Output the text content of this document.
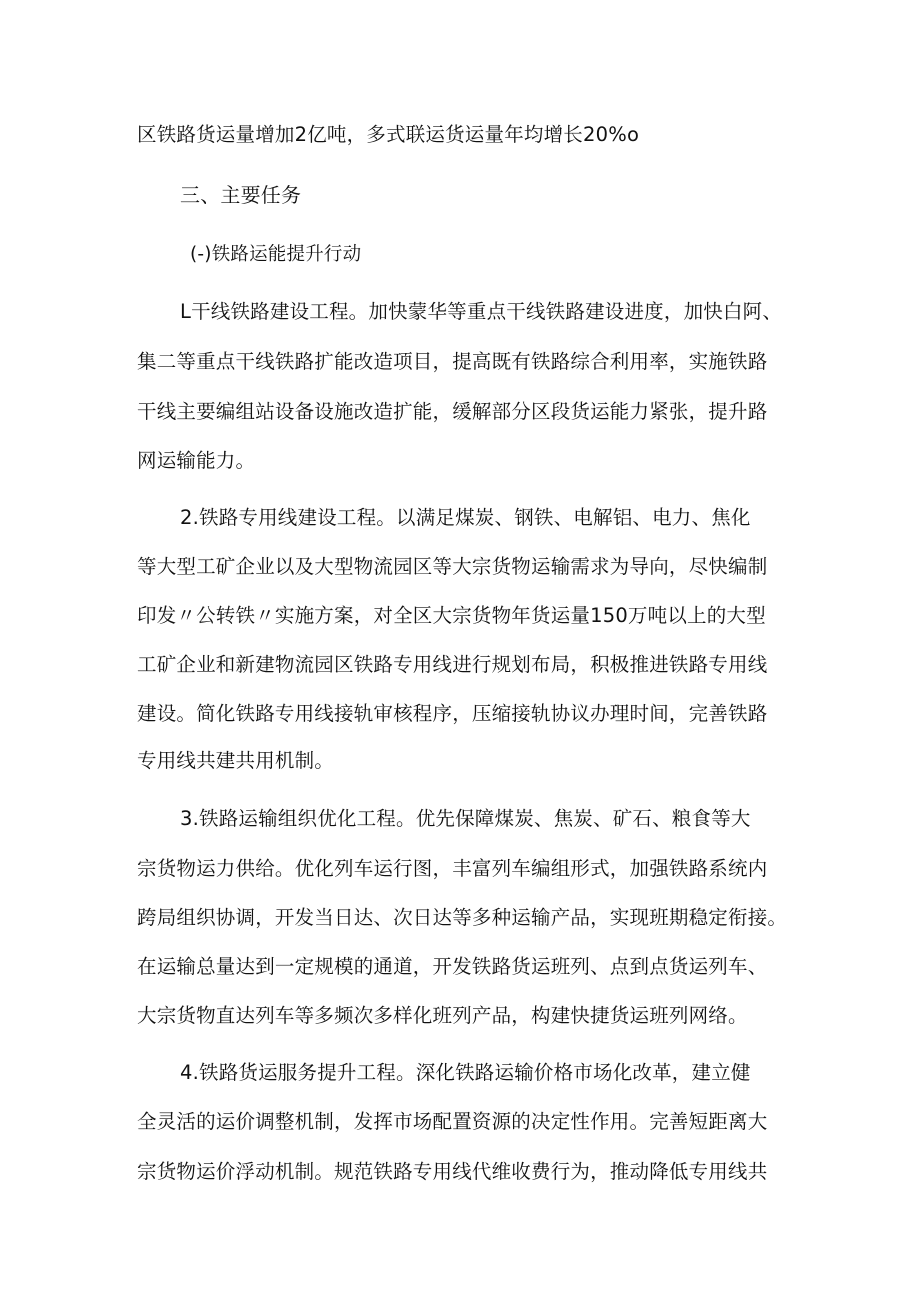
区铁路货运量增加2亿吨，多式联运货运量年均增长20%o
三、主要任务
(-)铁路运能提升行动
L干线铁路建设工程。加快蒙华等重点干线铁路建设进度，加快白阿、
集二等重点干线铁路扩能改造项目，提高既有铁路综合利用率，实施铁路
干线主要编组站设备设施改造扩能，缓解部分区段货运能力紧张，提升路
网运输能力。
2.铁路专用线建设工程。以满足煤炭、钢铁、电解铝、电力、焦化
等大型工矿企业以及大型物流园区等大宗货物运输需求为导向，尽快编制
印发〃公转铁〃实施方案，对全区大宗货物年货运量150万吨以上的大型
工矿企业和新建物流园区铁路专用线进行规划布局，积极推进铁路专用线
建设。简化铁路专用线接轨审核程序，压缩接轨协议办理时间，完善铁路
专用线共建共用机制。
3.铁路运输组织优化工程。优先保障煤炭、焦炭、矿石、粮食等大
宗货物运力供给。优化列车运行图，丰富列车编组形式，加强铁路系统内
跨局组织协调，开发当日达、次日达等多种运输产品，实现班期稳定衔接。
在运输总量达到一定规模的通道，开发铁路货运班列、点到点货运列车、
大宗货物直达列车等多频次多样化班列产品，构建快捷货运班列网络。
4.铁路货运服务提升工程。深化铁路运输价格市场化改革，建立健
全灵活的运价调整机制，发挥市场配置资源的决定性作用。完善短距离大
宗货物运价浮动机制。规范铁路专用线代维收费行为，推动降低专用线共
